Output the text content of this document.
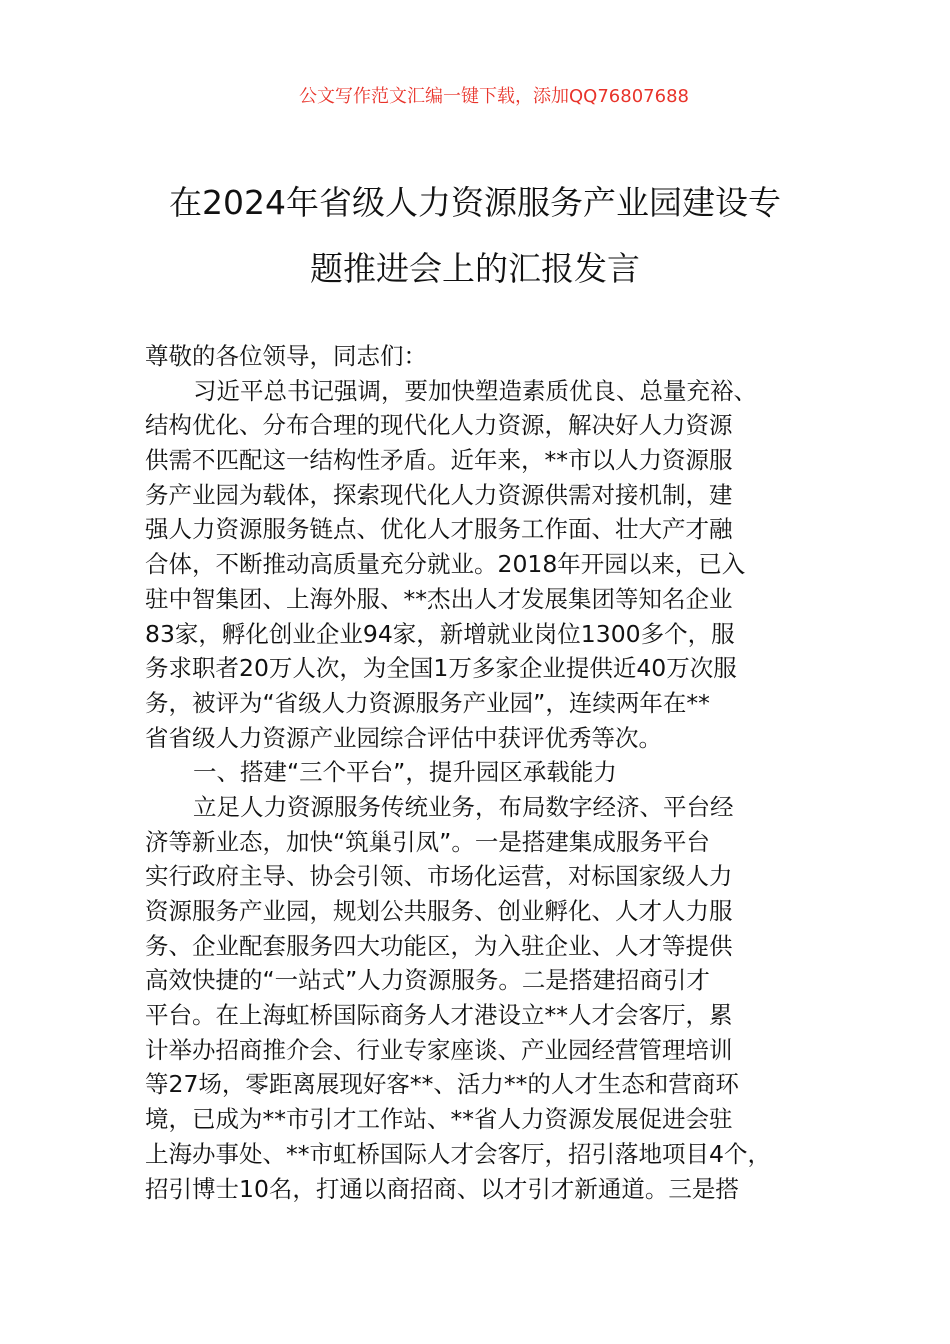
公文写作范文汇编一键下载，添加QQ76807688
在2024年省级人力资源服务产业园建设专
题推进会上的汇报发言
尊敬的各位领导，同志们：
习近平总书记强调，要加快塑造素质优良、总量充裕、
结构优化、分布合理的现代化人力资源，解决好人力资源
供需不匹配这一结构性矛盾。近年来，**市以人力资源服
务产业园为载体，探索现代化人力资源供需对接机制，建
强人力资源服务链点、优化人才服务工作面、壮大产才融
合体，不断推动高质量充分就业。2018年开园以来，已入
驻中智集团、上海外服、**杰出人才发展集团等知名企业
83家，孵化创业企业94家，新增就业岗位1300多个，服
务求职者20万人次，为全国1万多家企业提供近40万次服
务，被评为“省级人力资源服务产业园”，连续两年在**
省省级人力资源产业园综合评估中获评优秀等次。
一、搭建“三个平台”，提升园区承载能力
立足人力资源服务传统业务，布局数字经济、平台经
济等新业态，加快“筑巢引凤”。一是搭建集成服务平台
实行政府主导、协会引领、市场化运营，对标国家级人力
资源服务产业园，规划公共服务、创业孵化、人才人力服
务、企业配套服务四大功能区，为入驻企业、人才等提供
高效快捷的“一站式”人力资源服务。二是搭建招商引才
平台。在上海虹桥国际商务人才港设立**人才会客厅，累
计举办招商推介会、行业专家座谈、产业园经营管理培训
等27场，零距离展现好客**、活力**的人才生态和营商环
境，已成为**市引才工作站、**省人力资源发展促进会驻
上海办事处、**市虹桥国际人才会客厅，招引落地项目4个，
招引博士10名，打通以商招商、以才引才新通道。三是搭
